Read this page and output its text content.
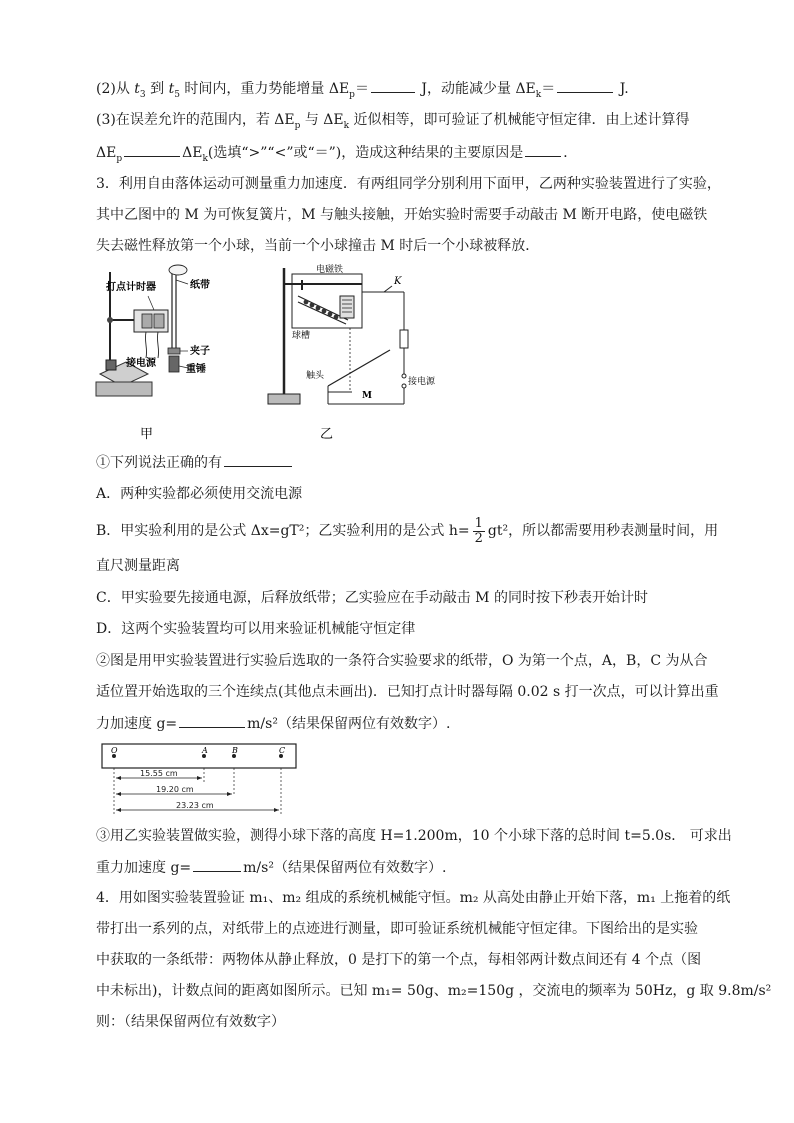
(2)从 $t_3$ 到 $t_5$ 时间内，重力势能增量 $\Delta E_p=$	J，动能减少量 $\Delta E_k=$	J.
(3)在误差允许的范围内，若 $\Delta E_p$ 与 $\Delta E_k$ 近似相等，即可验证了机械能守恒定律．由上述计算得
$\Delta E_p$	$\Delta E_k$(选填“>”“<”或“＝”)，造成这种结果的主要原因是	．
3．利用自由落体运动可测量重力加速度．有两组同学分别利用下面甲，乙两种实验装置进行了实验，
其中乙图中的 M 为可恢复簧片，M 与触头接触，开始实验时需要手动敲击 M 断开电路，使电磁铁
失去磁性释放第一个小球，当前一个小球撞击 M 时后一个小球被释放．
打点计时器	纸带
夹子
接电源
重锤
甲
电磁铁
K
球槽
触头
M
接电源
乙
①下列说法正确的有
A．两种实验都必须使用交流电源
B．甲实验利用的是公式 Δx=gT²；乙实验利用的是公式 $h= \frac{1}{2} gt^2$，所以都需要用秒表测量时间，用
直尺测量距离
C．甲实验要先接通电源，后释放纸带；乙实验应在手动敲击 M 的同时按下秒表开始计时
D．这两个实验装置均可以用来验证机械能守恒定律
②图是用甲实验装置进行实验后选取的一条符合实验要求的纸带，O 为第一个点，A，B，C 为从合
适位置开始选取的三个连续点(其他点未画出)．已知打点计时器每隔 0.02 s 打一次点，可以计算出重
力加速度 g=	m/s²（结果保留两位有效数字）.
O	A	B	C
15.55 cm
19.20 cm
23.23 cm
③用乙实验装置做实验，测得小球下落的高度 H=1.200m，10 个小球下落的总时间 t=5.0s． 可求出
重力加速度 g=	m/s²（结果保留两位有效数字）.
4．用如图实验装置验证 m₁、m₂ 组成的系统机械能守恒。m₂ 从高处由静止开始下落，m₁ 上拖着的纸
带打出一系列的点，对纸带上的点迹进行测量，即可验证系统机械能守恒定律。下图给出的是实验
中获取的一条纸带：两物体从静止释放，0 是打下的第一个点，每相邻两计数点间还有 4 个点（图
中未标出)，计数点间的距离如图所示。已知 m₁= 50g、m₂=150g ，交流电的频率为 50Hz，g 取 9.8m/s²
则：（结果保留两位有效数字）
